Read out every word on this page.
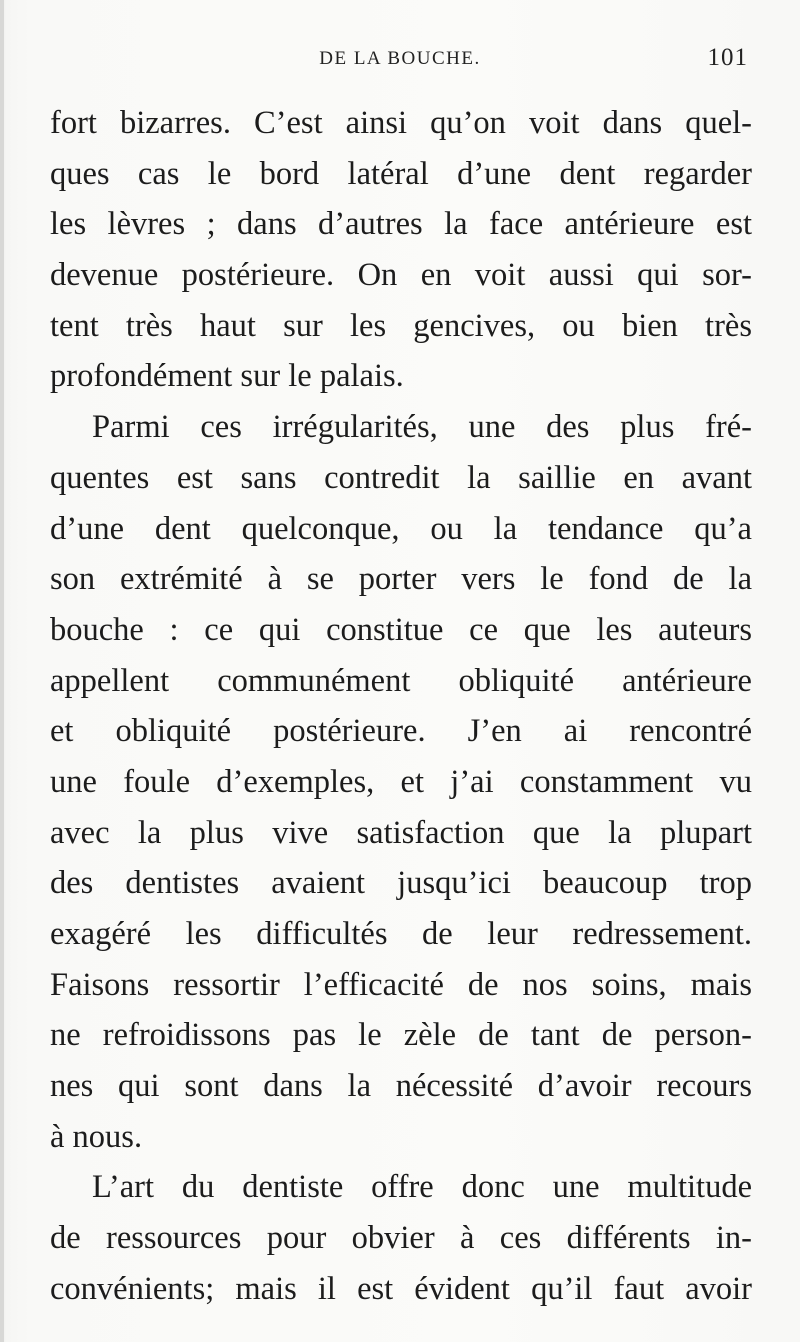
DE LA BOUCHE.	101
fort bizarres. C’est ainsi qu’on voit dans quel-
ques cas le bord latéral d’une dent regarder
les lèvres ; dans d’autres la face antérieure est
devenue postérieure. On en voit aussi qui sor-
tent très haut sur les gencives, ou bien très
profondément sur le palais.
Parmi ces irrégularités, une des plus fré-
quentes est sans contredit la saillie en avant
d’une dent quelconque, ou la tendance qu’a
son extrémité à se porter vers le fond de la
bouche : ce qui constitue ce que les auteurs
appellent communément obliquité antérieure
et obliquité postérieure. J’en ai rencontré
une foule d’exemples, et j’ai constamment vu
avec la plus vive satisfaction que la plupart
des dentistes avaient jusqu’ici beaucoup trop
exagéré les difficultés de leur redressement.
Faisons ressortir l’efficacité de nos soins, mais
ne refroidissons pas le zèle de tant de person-
nes qui sont dans la nécessité d’avoir recours
à nous.
L’art du dentiste offre donc une multitude
de ressources pour obvier à ces différents in-
convénients; mais il est évident qu’il faut avoir
